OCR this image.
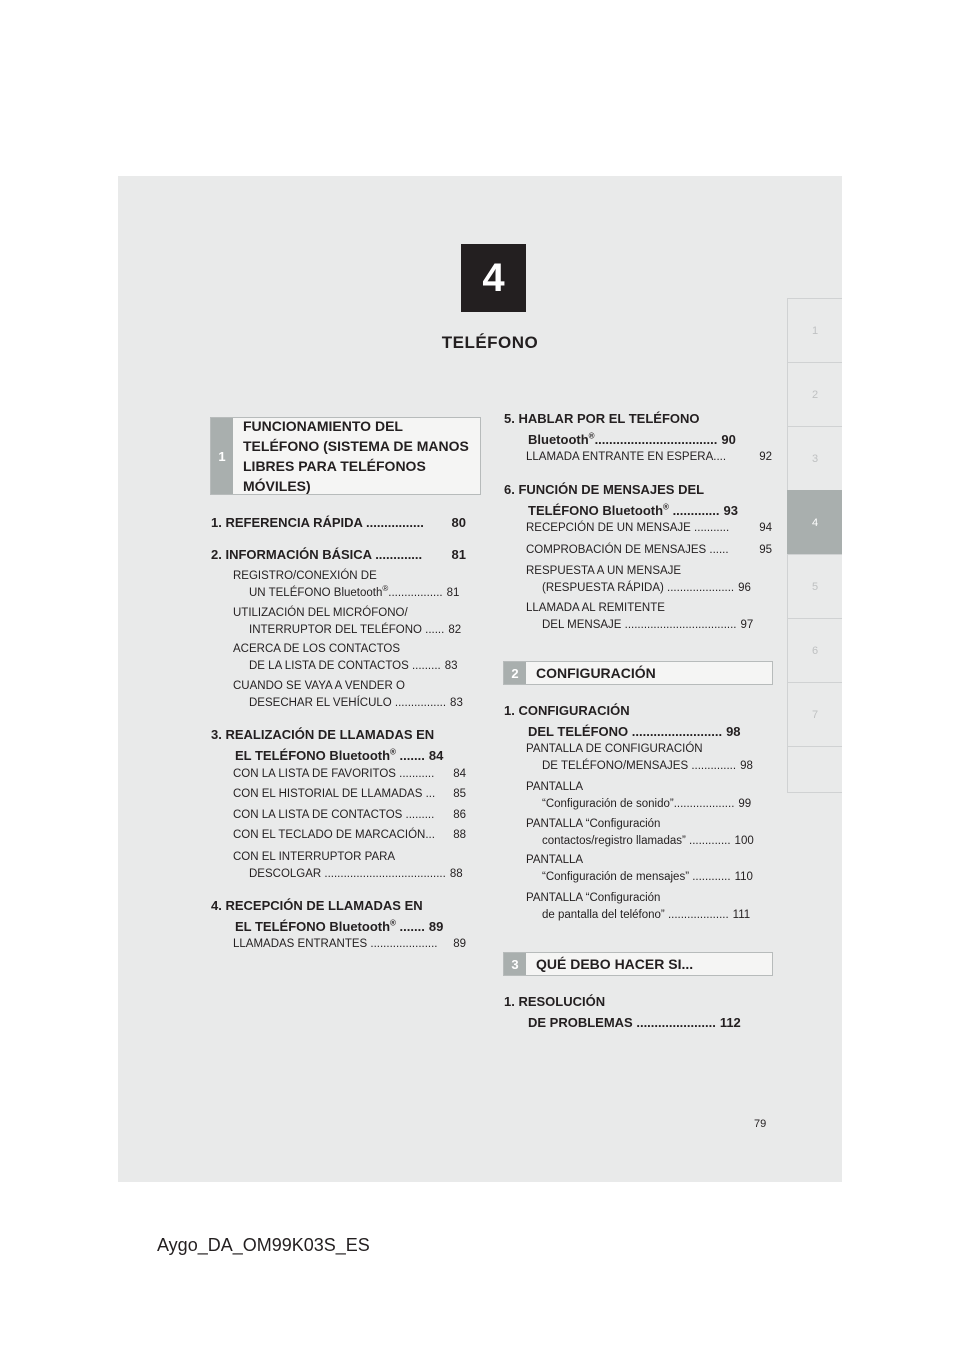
4
TELÉFONO
1
2
3
4
5
6
7
1
FUNCIONAMIENTO DEL TELÉFONO (SISTEMA DE MANOS LIBRES PARA TELÉFONOS MÓVILES)
1. REFERENCIA RÁPIDA ................ 80
2. INFORMACIÓN BÁSICA ............. 81
REGISTRO/CONEXIÓN DE
UN TELÉFONO Bluetooth®................. 81
UTILIZACIÓN DEL MICRÓFONO/
INTERRUPTOR DEL TELÉFONO ...... 82
ACERCA DE LOS CONTACTOS
DE LA LISTA DE CONTACTOS ......... 83
CUANDO SE VAYA A VENDER O
DESECHAR EL VEHÍCULO ................ 83
3. REALIZACIÓN DE LLAMADAS EN
EL TELÉFONO Bluetooth® ....... 84
CON LA LISTA DE FAVORITOS ........... 84
CON EL HISTORIAL DE LLAMADAS ... 85
CON LA LISTA DE CONTACTOS ......... 86
CON EL TECLADO DE MARCACIÓN... 88
CON EL INTERRUPTOR PARA
DESCOLGAR ...................................... 88
4. RECEPCIÓN DE LLAMADAS EN
EL TELÉFONO Bluetooth® ....... 89
LLAMADAS ENTRANTES ..................... 89
5. HABLAR POR EL TELÉFONO
Bluetooth®.................................. 90
LLAMADA ENTRANTE EN ESPERA....	92
6. FUNCIÓN DE MENSAJES DEL
TELÉFONO Bluetooth® ............. 93
RECEPCIÓN DE UN MENSAJE ...........	94
COMPROBACIÓN DE MENSAJES ......	95
RESPUESTA A UN MENSAJE
(RESPUESTA RÁPIDA) ..................... 96
LLAMADA AL REMITENTE
DEL MENSAJE ................................... 97
2	CONFIGURACIÓN
1. CONFIGURACIÓN
DEL TELÉFONO ......................... 98
PANTALLA DE CONFIGURACIÓN
DE TELÉFONO/MENSAJES .............. 98
PANTALLA
“Configuración de sonido”................... 99
PANTALLA “Configuración
contactos/registro llamadas” ............. 100
PANTALLA
“Configuración de mensajes” ............ 110
PANTALLA “Configuración
de pantalla del teléfono” ................... 111
3	QUÉ DEBO HACER SI...
1. RESOLUCIÓN
DE PROBLEMAS ...................... 112
79
Aygo_DA_OM99K03S_ES
